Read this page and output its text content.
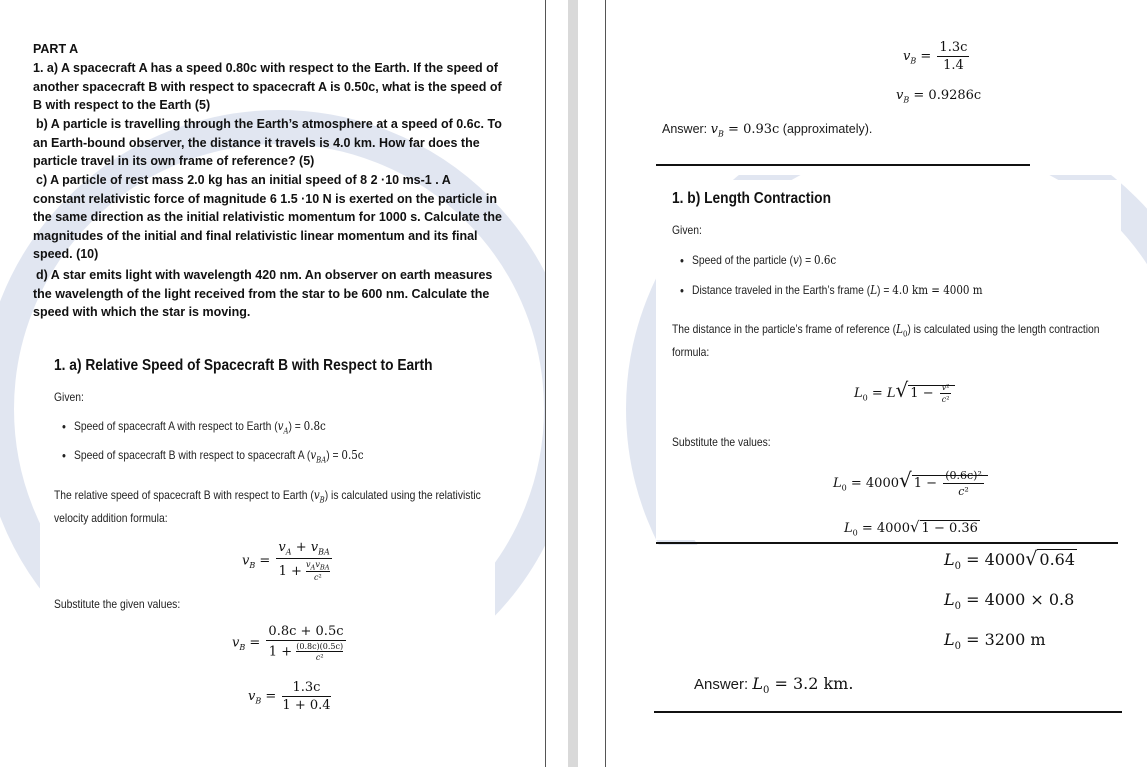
PART A
1. a) A spacecraft A has a speed 0.80c with respect to the Earth. If the speed of another spacecraft B with respect to spacecraft A is 0.50c, what is the speed of B with respect to the Earth (5)
b) A particle is travelling through the Earth’s atmosphere at a speed of 0.6c. To an Earth-bound observer, the distance it travels is 4.0 km. How far does the particle travel in its own frame of reference? (5)
c) A particle of rest mass 2.0 kg has an initial speed of 8 2 ·10 ms-1 . A constant relativistic force of magnitude 6 1.5 ·10 N is exerted on the particle in the same direction as the initial relativistic momentum for 1000 s. Calculate the magnitudes of the initial and final relativistic linear momentum and its final speed. (10)
d) A star emits light with wavelength 420 nm. An observer on earth measures the wavelength of the light received from the star to be 600 nm. Calculate the speed with which the star is moving.
1. a) Relative Speed of Spacecraft B with Respect to Earth
Given:
• Speed of spacecraft A with respect to Earth $(v_A) = 0.8c$
• Speed of spacecraft B with respect to spacecraft A $(v_{BA}) = 0.5c$
The relative speed of spacecraft B with respect to Earth $(v_B)$ is calculated using the relativistic
velocity addition formula:
$v_B = \frac{v_A + v_{BA}}{1 + \frac{v_Av_{BA}}{\text{c²}}}$
Substitute the given values:
$v_B = \frac{0.8c + 0.5c}{1 + \frac{(0.8c)(0.5c)}{\text{c²}}}$
$v_B = \frac{1.3c}{1 + 0.4}$
$v_B = \frac{1.3c}{1.4}$
$v_B = 0.9286c$
Answer: $v_B = 0.93c$ (approximately).
1. b) Length Contraction
Given:
• Speed of the particle (v) = 0.6c
• Distance traveled in the Earth’s frame (L) = 4.0 km = 4000 m
The distance in the particle’s frame of reference $(L_0)$ is calculated using the length contraction
formula:
$L_0 = L√$ $1 - \frac{\text{v²}}{\text{c²}}$
Substitute the values:
$L_0 = 4000√$ $1 - \frac{\text{(0.6c)²}}{\text{c²}}$
$L_0 = 4000√$ 1 − 0.36
$L_0 = 4000√$ 0.64
$L_0 = 4000 \times 0.8$
$L_0 = 3200$ m
Answer: $L_0 = 3.2$ km.
